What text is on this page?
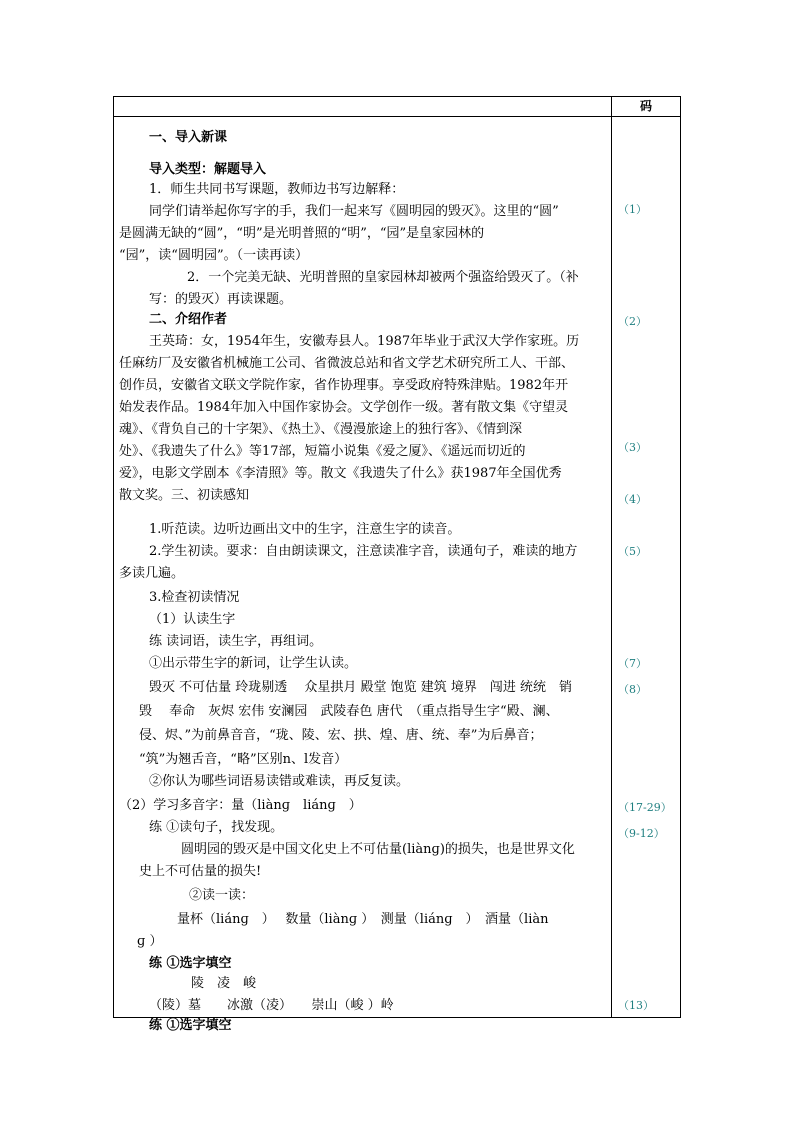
码
一、导入新课
导入类型：解题导入
1．师生共同书写课题，教师边书写边解释：
同学们请举起你写字的手，我们一起来写《圆明园的毁灭》。这里的“圆”
是圆满无缺的“圆”，“明”是光明普照的“明”，“园”是皇家园林的
“园”，读“圆明园”。（一读再读）
2．一个完美无缺、光明普照的皇家园林却被两个强盗给毁灭了。（补
写：的毁灭）再读课题。
二、介绍作者
王英琦：女，1954年生，安徽寿县人。1987年毕业于武汉大学作家班。历
任麻纺厂及安徽省机械施工公司、省微波总站和省文学艺术研究所工人、干部、
创作员，安徽省文联文学院作家，省作协理事。享受政府特殊津贴。1982年开
始发表作品。1984年加入中国作家协会。文学创作一级。著有散文集《守望灵
魂》、《背负自己的十字架》、《热土》、《漫漫旅途上的独行客》、《情到深
处》、《我遗失了什么》等17部，短篇小说集《爱之厦》、《遥远而切近的
爱》，电影文学剧本《李清照》等。散文《我遗失了什么》获1987年全国优秀
散文奖。三、初读感知
1.听范读。边听边画出文中的生字，注意生字的读音。
2.学生初读。要求：自由朗读课文，注意读准字音，读通句子，难读的地方
多读几遍。
3.检查初读情况
（1）认读生字
练 读词语，读生字，再组词。
①出示带生字的新词，让学生认读。
毁灭 不可估量 玲珑剔透　 众星拱月 殿堂 饱览 建筑 境界　闯进 统统　销
毁　 奉命　灰烬 宏伟 安澜园　武陵春色 唐代　（重点指导生字“殿、澜、
侵、烬、”为前鼻音音，“珑、陵、宏、拱、煌、唐、统、奉”为后鼻音；
“筑”为翘舌音，“略”区别n、l发音）
②你认为哪些词语易读错或难读，再反复读。
（2）学习多音字：量（liànɡ　liánɡ　）
练 ①读句子，找发现。
圆明园的毁灭是中国文化史上不可估量(liànɡ)的损失，也是世界文化
史上不可估量的损失!
②读一读：
量杯（liánɡ　）　 数量（liànɡ ）　测量（liánɡ　）　酒量（liàn
ɡ ）
练 ①选字填空
陵　凌　峻
（陵）墓　　冰激（凌）　　崇山（峻 ）岭
练 ①选字填空
（1）
（2）
（3）
（4）
（5）
（7）
（8）
（17-29）
（9-12）
（13）
